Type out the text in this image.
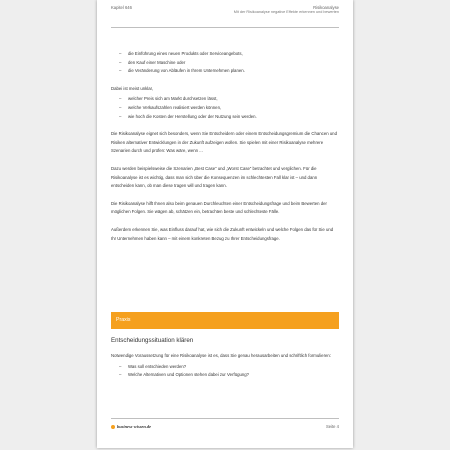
Kapitel 646	Risikoanalyse
Mit der Risikoanalyse negative Effekte erkennen und bewerten
– die Einführung eines neuen Produkts oder Serviceangebots,
– den Kauf einer Maschine oder
– die Veränderung von Abläufen in Ihrem Unternehmen planen.

Dabei ist meist unklar,

– welcher Preis sich am Markt durchsetzen lässt,
– welche Verkaufszahlen realisiert werden können,
– wie hoch die Kosten der Herstellung oder der Nutzung sein werden.

Die Risikoanalyse eignet sich besonders, wenn Sie Entscheidern oder einem Entscheidungsgremium die Chancen und Risiken alternativer Entwicklungen in der Zukunft aufzeigen wollen. Sie spielen mit einer Risikoanalyse mehrere Szenarien durch und prüfen: Was wäre, wenn ...

Dazu werden beispielsweise die Szenarien „Best Case“ und „Worst Case“ betrachtet und verglichen. Für die Risikoanalyse ist es wichtig, dass man sich über die Konsequenzen im schlechtesten Fall klar ist – und dann entscheiden kann, ob man diese tragen will und tragen kann.

Die Risikoanalyse hilft Ihnen also beim genauen Durchleuchten einer Entscheidungsfrage und beim Bewerten der möglichen Folgen. Sie wägen ab, schätzen ein, betrachten beste und schlechteste Fälle.

Außerdem erkennen Sie, was Einfluss darauf hat, wie sich die Zukunft entwickeln und welche Folgen das für Sie und Ihr Unternehmen haben kann – mit einem konkreten Bezug zu Ihrer Entscheidungsfrage.

Praxis
Entscheidungssituation klären

Notwendige Voraussetzung für eine Risikoanalyse ist es, dass Sie genau herausarbeiten und schriftlich formulieren:

– Was soll entschieden werden?
– Welche Alternativen und Optionen stehen dabei zur Verfügung?
business-wissen.de	Seite 4
